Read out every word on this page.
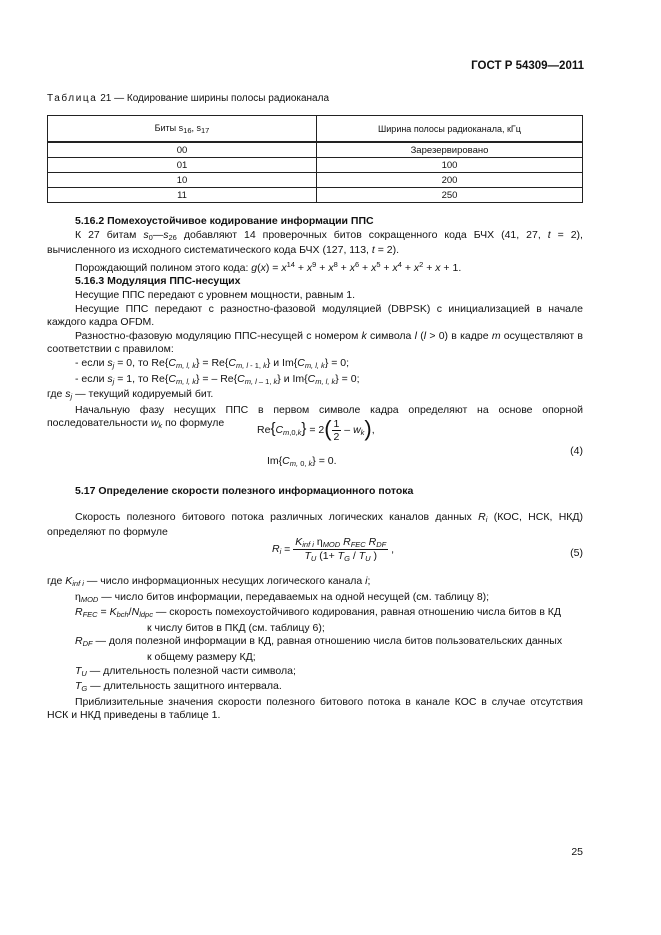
ГОСТ Р 54309—2011
Таблица 21 — Кодирование ширины полосы радиоканала
Биты $s_{16}$, $s_{17}$	Ширина полосы радиоканала, кГц
00	Зарезервировано
01	100
10	200
11	250

5.16.2 Помехоустойчивое кодирование информации ППС

К 27 битам $s_0—s_{26}$ добавляют 14 проверочных битов сокращенного кода БЧХ (41, 27, t = 2), вычисленного из исходного систематического кода БЧХ (127, 113, t = 2).

Порождающий полином этого кода: $g(x) = x^{14} + x^9 + x^8 + x^6 + x^5 + x^4 + x^2 + x + 1$.

5.16.3 Модуляция ППС-несущих

Несущие ППС передают с уровнем мощности, равным 1.

Несущие ППС передают с разностно-фазовой модуляцией (DBPSK) с инициализацией в начале каждого кадра OFDM.

Разностно-фазовую модуляцию ППС-несущей с номером k символа l (l > 0) в кадре m осуществляют в соответствии с правилом:

- если $s_j = 0$, то $Re\{C_{m, l, k}\} = Re\{C_{m, l - 1, k}\}$ и $Im\{C_{m, l, k}\} = 0$;

- если $s_j = 1$, то $Re\{C_{m, l, k}\}$ = – $Re\{C_{m, l - 1, k}\}$ и $Im\{C_{m, l, k}\} = 0$;

где $s_j$ — текущий кодируемый бит.

Начальную фазу несущих ППС в первом символе кадра определяют на основе опорной последовательности $w_k$ по формуле

$Re\{C_{m,0,k}\} = 2( \frac{1}{2} - w_k)$,
(4)
$Im\{C_{m, 0, k}\} = 0$.

5.17 Определение скорости полезного информационного потока

Скорость полезного битового потока различных логических каналов данных $R_i$ (КОС, НСК, НКД) определяют по формуле

$R_i = \frac{K_{inf i} \eta_{MOD} R_{FEC} R_{DF}}{T_U (1+ T_G / T_U )}$ ,	(5)

где $K_{inf i}$ — число информационных несущих логического канала i;

$\eta_{MOD}$ — число битов информации, передаваемых на одной несущей (см. таблицу 8);

$R_{FEC} = K_{bch}/N_{ldpc}$ — скорость помехоустойчивого кодирования, равная отношению числа битов в КД

к числу битов в ПКД (см. таблицу 6);

$R_{DF}$ — доля полезной информации в КД, равная отношению числа битов пользовательских данных

к общему размеру КД;

$T_U$ — длительность полезной части символа;

$T_G$ — длительность защитного интервала.

Приблизительные значения скорости полезного битового потока в канале КОС в случае отсутствия НСК и НКД приведены в таблице 1.

25
